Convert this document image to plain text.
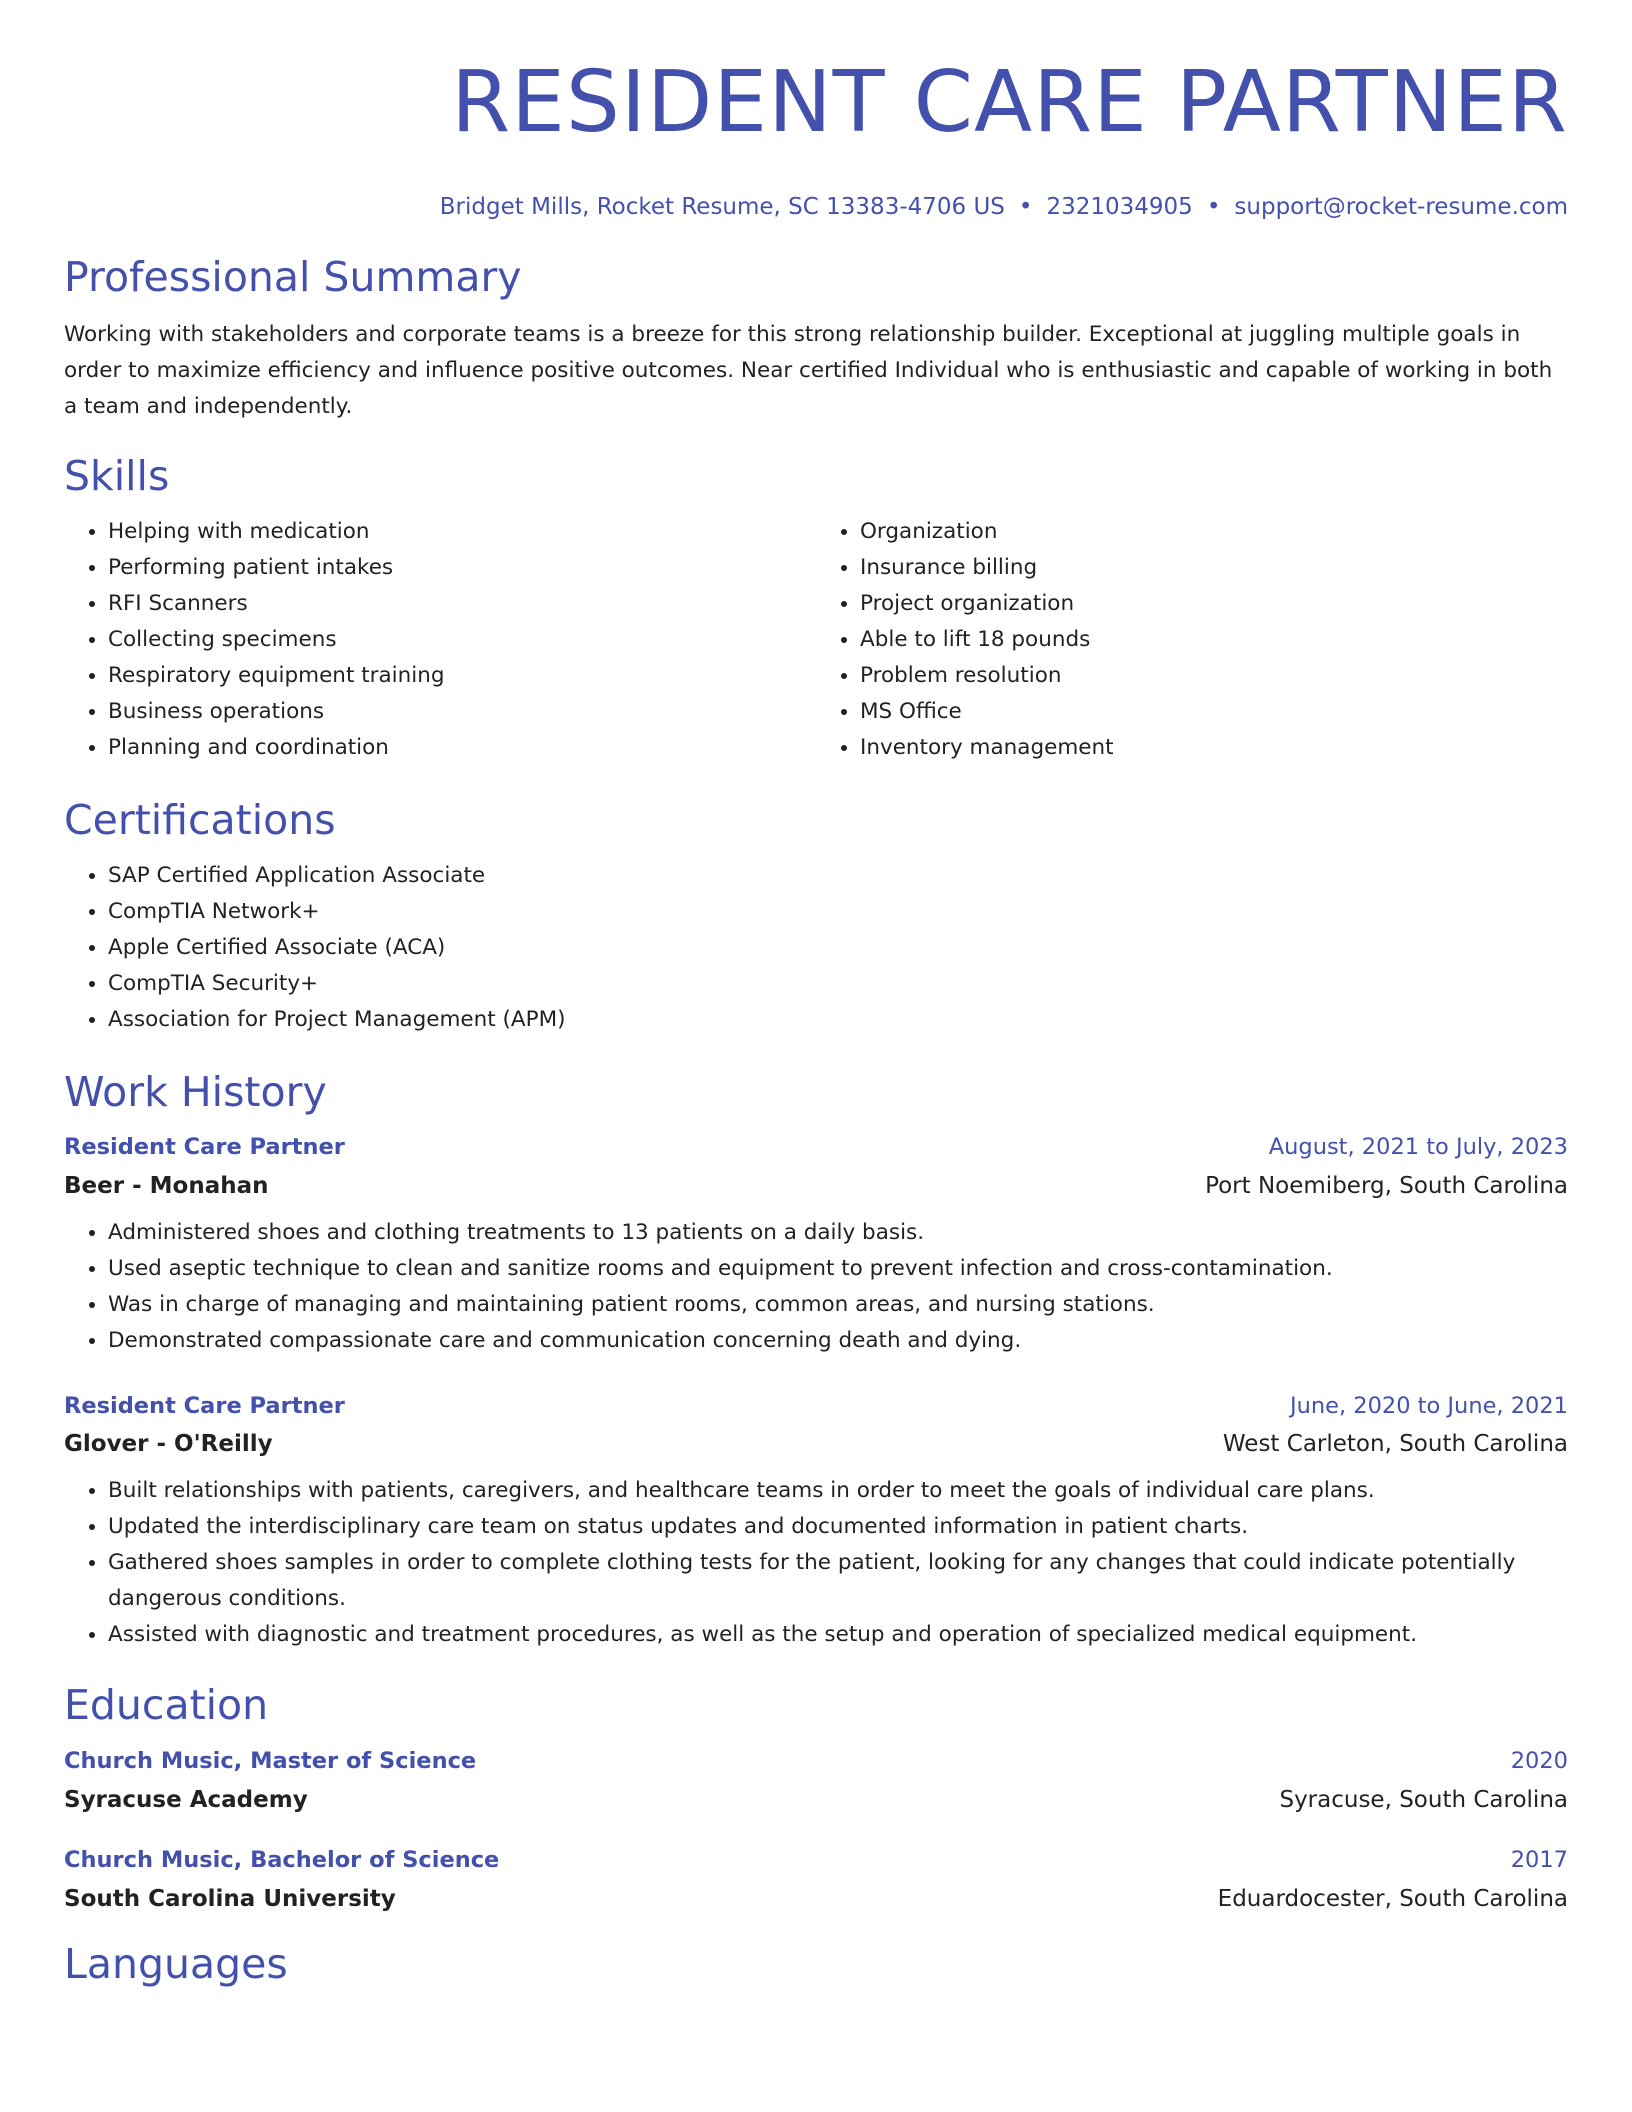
RESIDENT CARE PARTNER
Bridget Mills, Rocket Resume, SC 13383-4706 US • 2321034905 • support@rocket-resume.com
Professional Summary

Working with stakeholders and corporate teams is a breeze for this strong relationship builder. Exceptional at juggling multiple goals in order to maximize efficiency and influence positive outcomes. Near certified Individual who is enthusiastic and capable of working in both a team and independently.

Skills
• Helping with medication
• Performing patient intakes
• RFI Scanners
• Collecting specimens
• Respiratory equipment training
• Business operations
• Planning and coordination
• Organization
• Insurance billing
• Project organization
• Able to lift 18 pounds
• Problem resolution
• MS Office
• Inventory management
Certifications
• SAP Certified Application Associate
• CompTIA Network+
• Apple Certified Associate (ACA)
• CompTIA Security+
• Association for Project Management (APM)
Work History
Resident Care Partner	August, 2021 to July, 2023
Beer - Monahan	Port Noemiberg, South Carolina
• Administered shoes and clothing treatments to 13 patients on a daily basis.
• Used aseptic technique to clean and sanitize rooms and equipment to prevent infection and cross-contamination.
• Was in charge of managing and maintaining patient rooms, common areas, and nursing stations.
• Demonstrated compassionate care and communication concerning death and dying.
Resident Care Partner	June, 2020 to June, 2021
Glover - O'Reilly	West Carleton, South Carolina
• Built relationships with patients, caregivers, and healthcare teams in order to meet the goals of individual care plans.
• Updated the interdisciplinary care team on status updates and documented information in patient charts.
• Gathered shoes samples in order to complete clothing tests for the patient, looking for any changes that could indicate potentially dangerous conditions.
• Assisted with diagnostic and treatment procedures, as well as the setup and operation of specialized medical equipment.
Education
Church Music, Master of Science	2020
Syracuse Academy	Syracuse, South Carolina
Church Music, Bachelor of Science	2017
South Carolina University	Eduardocester, South Carolina
Languages
